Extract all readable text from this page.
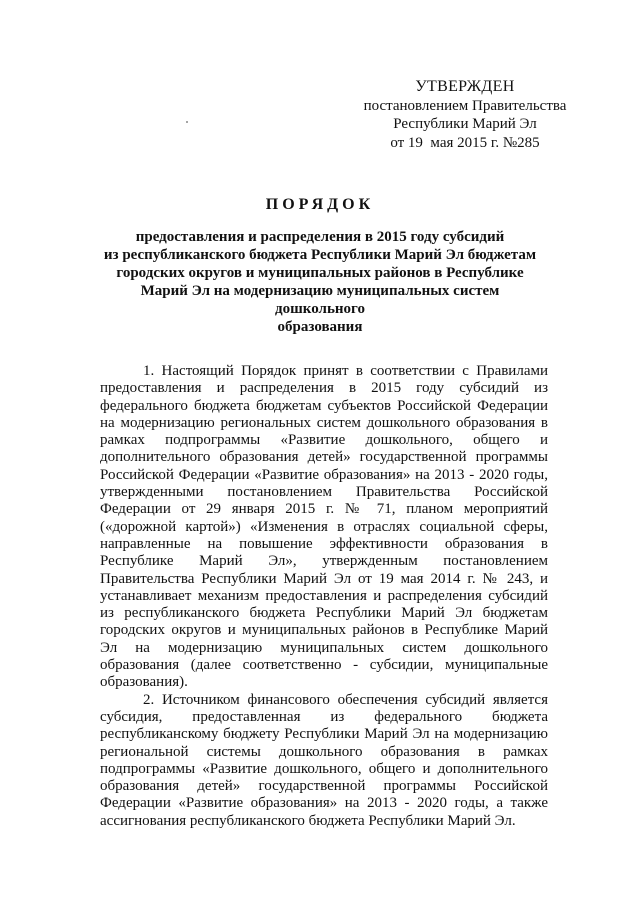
УТВЕРЖДЕН
постановлением Правительства
Республики Марий Эл
от 19  мая 2015 г. №285
ПОРЯДОК
предоставления и распределения в 2015 году субсидий
из республиканского бюджета Республики Марий Эл бюджетам
городских округов и муниципальных районов в Республике
Марий Эл на модернизацию муниципальных систем дошкольного
образования

1. Настоящий Порядок принят в соответствии с Правилами предоставления и распределения в 2015 году субсидий из федерального бюджета бюджетам субъектов Российской Федерации на модернизацию региональных систем дошкольного образования в рамках подпрограммы «Развитие дошкольного, общего и дополнительного образования детей» государственной программы Российской Федерации «Развитие образования» на 2013 - 2020 годы, утвержденными постановлением Правительства Российской Федерации от 29 января 2015 г. № 71, планом мероприятий («дорожной картой») «Изменения в отраслях социальной сферы, направленные на повышение эффективности образования в Республике Марий Эл», утвержденным постановлением Правительства Республики Марий Эл от 19 мая 2014 г. № 243, и устанавливает механизм предоставления и распределения субсидий из республиканского бюджета Республики Марий Эл бюджетам городских округов и муниципальных районов в Республике Марий Эл на модернизацию муниципальных систем дошкольного образования (далее соответственно - субсидии, муниципальные образования).

2. Источником финансового обеспечения субсидий является субсидия, предоставленная из федерального бюджета республиканскому бюджету Республики Марий Эл на модернизацию региональной системы дошкольного образования в рамках подпрограммы «Развитие дошкольного, общего и дополнительного образования детей» государственной программы Российской Федерации «Развитие образования» на 2013 - 2020 годы, а также ассигнования республиканского бюджета Республики Марий Эл.
